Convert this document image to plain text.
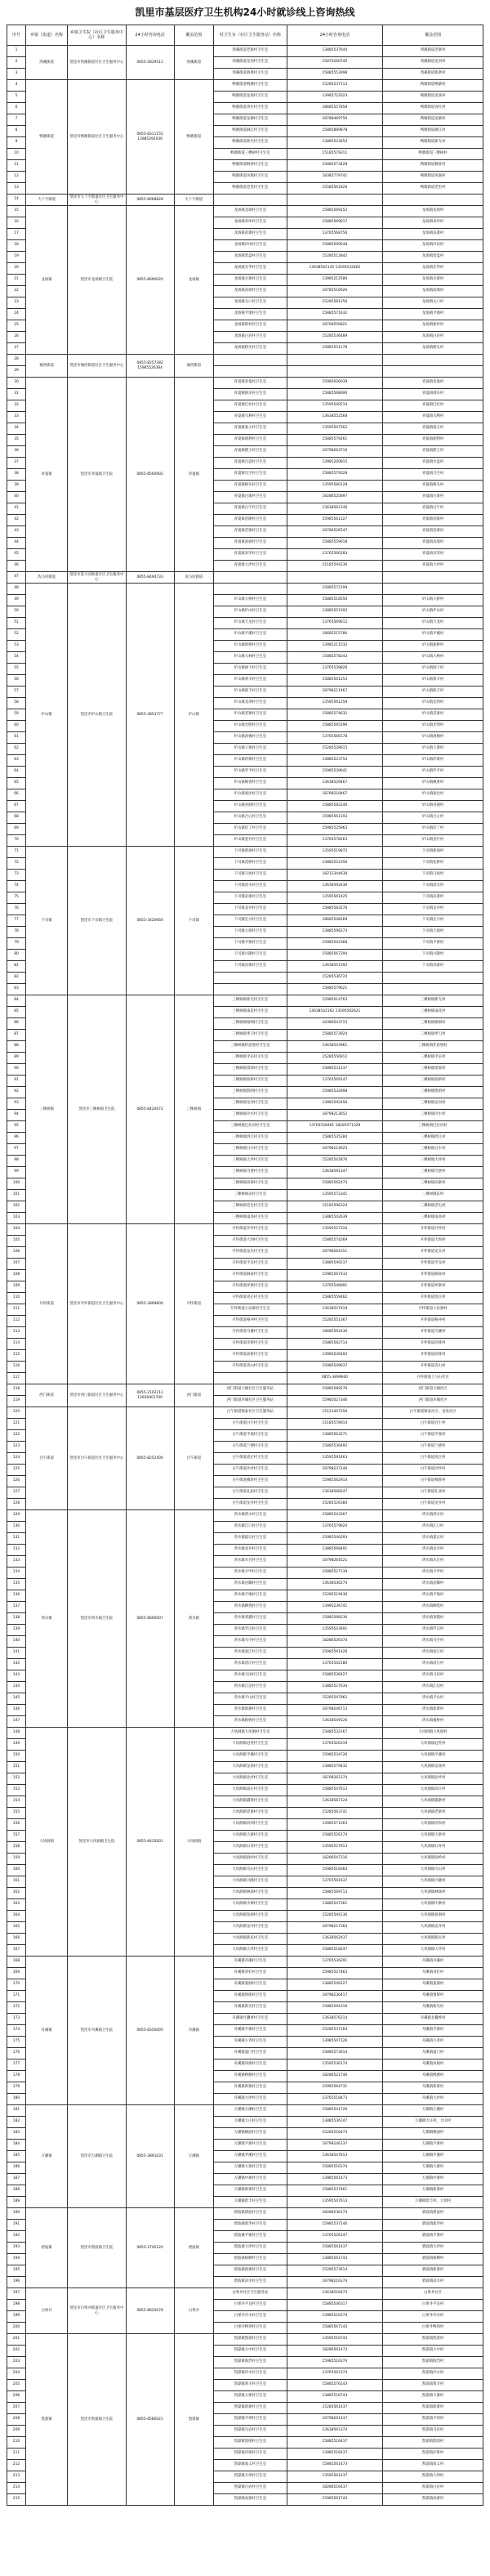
凯里市基层医疗卫生机构24小时就诊线上咨询热线
序号	乡镇（街道）名称	乡镇卫生院（社区卫生服务中心）名称	24小时咨询电话	覆盖范围	村卫生室（社区卫生服务站）名称	24小时咨询电话	覆盖范围
1	湾溪街道	凯里市湾溪街道社区卫生服务中心	0855-2839511	湾溪街道	湾溪街道老寨村卫生室	13885537644	湾溪街道老寨村
2					湾溪街道龙河村卫生室	15870260745	湾溪街道龙河村
3					湾溪街道新寨村卫生室	15885553098	湾溪街道新寨村
4	鸭塘街道	凯里市鸭塘街道社区卫生服务中心	0855-8311155 13985292936	鸭塘街道	鸭塘街道鸭塘村卫生室	15285537113	鸭塘街道鸭塘村
5					鸭塘街道龙场村卫生室	13985722023	鸭塘街道龙场村
6					鸭塘街道青杠村卫生室	18685557858	鸭塘街道青杠村
7					鸭塘街道龙塘村卫生室	18788469756	鸭塘街道龙塘村
8					鸭塘街道麻江村卫生室	15885889878	鸭塘街道麻江村
9					鸭塘街道新光村卫生室	13885523654	鸭塘街道新光村
10					鸭塘街道三棵树村卫生室	15185579311	鸭塘街道三棵树村
11					鸭塘街道枫香村卫生室	15885573428	鸭塘街道枫香村
12					鸭塘街道凤凰村卫生室	18385779741	鸭塘街道凤凰村
13					鸭塘街道老里村卫生室	15585561826	鸭塘街道老里村
14	大十字街道	凯里市大十字街道社区卫生服务中心	0855-8068828	大十字街道			
15	龙场镇	凯里市龙场镇卫生院	0855-8690020	龙场镇	龙场镇龙场村卫生室	15885569152	龙场镇龙场村
16					龙场镇青坪村卫生室	15885569617	龙场镇青坪村
17					龙场镇苗寨村卫生室	13765568756	龙场镇苗寨村
18					龙场镇沙田村卫生室	15885569548	龙场镇沙田村
19					龙场镇营盘村卫生室	15285512842	龙场镇营盘村
20					龙场镇光华村卫生室	13638562135 13595532862	龙场镇光华村
21					龙场镇水寨村卫生室	13985212586	龙场镇水寨村
22					龙场镇高坡村卫生室	18785516926	龙场镇高坡村
23					龙场镇关口村卫生室	15285581256	龙场镇关口村
24					龙场镇平地村卫生室	15885571632	龙场镇平地村
25					龙场镇新村村卫生室	18708556821	龙场镇新村村
26					龙场镇白岩村卫生室	15285536489	龙场镇白岩村
27					龙场镇桥头村卫生室	15885551178	龙场镇桥头村
28	城西街道	凯里市城西街道社区卫生服务中心	0855-8257382 15985526384	城西街道			
29							
30	青曼镇	凯里市青曼镇卫生院	0855-8560902	青曼镇	青曼镇青曼村卫生室	15985026039	青曼镇青曼村
31					青曼镇排乐村卫生室	15885568690	青曼镇排乐村
32					青曼镇巴拉村卫生室	13595540210	青曼镇巴拉村
33					青曼镇乌利村卫生室	13638552568	青曼镇乌利村
34					青曼镇翁义村卫生室	13595597562	青曼镇翁义村
35					青曼镇朗利村卫生室	15885579261	青曼镇朗利村
36					青曼镇摆王村卫生室	18798263716	青曼镇摆王村
37					青曼镇台盘村卫生室	13985200815	青曼镇台盘村
38					青曼镇乌空村卫生室	15885579328	青曼镇乌空村
39					青曼镇格头村卫生室	13595580128	青曼镇格头村
40					青曼镇白寨村卫生室	18286525697	青曼镇白寨村
41					青曼镇白午村卫生室	13638562146	青曼镇白午村
42					青曼镇苗陇村卫生室	15985561327	青曼镇苗陇村
43					青曼镇苗寨村卫生室	18786526547	青曼镇苗寨村
44					青曼镇高坡村卫生室	15885559618	青曼镇高坡村
45					青曼镇来荣村卫生室	13765566283	青曼镇来荣村
46					青曼镇大坪村卫生室	15185594236	青曼镇大坪村
47	洗马河街道	凯里市洗马河街道社区卫生服务中心	0855-8494733	洗马河街道			
48	炉山镇	凯里市炉山镇卫生院	0855-3853777	炉山镇		15885572199	
49					炉山镇大桥村卫生室	15885518556	炉山镇大桥村
50					炉山镇炉山村卫生室	13885551592	炉山镇炉山村
51					炉山镇天龙村卫生室	13765569612	炉山镇天龙村
52					炉山镇平溪村卫生室	18685515786	炉山镇平溪村
53					炉山镇新桥村卫生室	13985211532	炉山镇新桥村
54					炉山镇大林村卫生室	15885578243	炉山镇大林村
55					炉山镇洞下村卫生室	13765539826	炉山镇洞下村
56					炉山镇黄羊村卫生室	15885561253	炉山镇黄羊村
57					炉山镇联丰村卫生室	18798211467	炉山镇联丰村
58					炉山镇龙坝村卫生室	13595561259	炉山镇龙坝村
59					炉山镇老寨村卫生室	15885574632	炉山镇老寨村
60					炉山镇光明村卫生室	15885565296	炉山镇光明村
61					炉山镇洛棉村卫生室	13765566178	炉山镇洛棉村
62					炉山镇王寨村卫生室	15285528615	炉山镇王寨村
63					炉山镇坪寨村卫生室	13885523754	炉山镇坪寨村
64					炉山镇罗平村卫生室	15985539641	炉山镇罗平村
65					炉山镇枫香村卫生室	13638529467	炉山镇枫香村
66					炉山镇翁比村卫生室	18798218467	炉山镇翁比村
67					炉山镇谷洞村卫生室	15885582246	炉山镇谷洞村
68					炉山镇合心村卫生室	15985561193	炉山镇合心村
69					炉山镇挂丁村卫生室	15985525963	炉山镇挂丁村
70					炉山镇金竹村卫生室	13765578263	炉山镇金竹村
71	下司镇	凯里市下司镇卫生院	0855-3420060	下司镇	下司镇新场村卫生室	13595519872	下司镇新场村
72					下司镇花桥村卫生室	13885522356	下司镇花桥村
73					下司镇马场村卫生室	18212344638	下司镇马场村
74					下司镇清水村卫生室	13638592436	下司镇清水村
75					下司镇岩寨村卫生室	13595561425	下司镇岩寨村
76					下司镇龙井村卫生室	15885583276	下司镇龙井村
77					下司镇宏兴村卫生室	18685548269	下司镇宏兴村
78					下司镇大坡村卫生室	13885596273	下司镇大坡村
79					下司镇平寨村卫生室	15985542368	下司镇平寨村
80					下司镇兴隆村卫生室	15885567294	下司镇兴隆村
81					下司镇谷寨村卫生室	13638551592	下司镇谷寨村
82						15285536724	
83						15885579621	
84	三棵树镇	凯里市三棵树镇卫生院	0855-8420072	三棵树镇	三棵树镇新光村卫生室	15985014763	三棵树镇新光村
85					三棵树镇南花村卫生室	13638542162 13595582621	三棵树镇南花村
86					三棵树镇格细村卫生室	18386543715	三棵树镇格细村
87					三棵树镇季刀村卫生室	15885573924	三棵树镇季刀村
88					三棵树镇怀恩堡村卫生室	13638543961	三棵树镇怀恩堡村
89					三棵树镇平乐村卫生室	15285556912	三棵树镇平乐村
90					三棵树镇赏郎村卫生室	15885531237	三棵树镇赏郎村
91					三棵树镇翁拱村卫生室	13765569147	三棵树镇翁拱村
92					三棵树镇凯哨村卫生室	15985532698	三棵树镇凯哨村
93					三棵树镇龙河村卫生室	13885592456	三棵树镇龙河村
94					三棵树镇冷水村卫生室	18798213652	三棵树镇冷水村
95					三棵树镇巴拉河村卫生室	13765528461 18285571329	三棵树镇巴拉河村
96					三棵树镇西江村卫生室	15885535284	三棵树镇西江村
97					三棵树镇白水村卫生室	18798214625	三棵树镇白水村
98					三棵树镇大坪村卫生室	15285542876	三棵树镇大坪村
99					三棵树镇乌堡村卫生室	13638591347	三棵树镇乌堡村
100					三棵树镇高寨村卫生室	15885562473	三棵树镇高寨村
101					三棵树镇乐村卫生室	13595572341	三棵树镇乐村
102					三棵树镇老屯村卫生室	15185596324	三棵树镇老屯村
103					三棵树镇南高村卫生室	13885542639	三棵树镇南高村
104	开怀街道	凯里市开怀街道社区卫生服务中心	0855-3899600	开怀街道	开怀街道开怀村卫生室	13595527316	开怀街道开怀村
105					开怀街道大坝村卫生室	15885574269	开怀街道大坝村
106					开怀街道龙头村卫生室	18798264351	开怀街道龙头村
107					开怀街道平良村卫生室	13885546237	开怀街道平良村
108					开怀街道麻雀村卫生室	15985567432	开怀街道麻雀村
109					开怀街道坪寨村卫生室	13765546891	开怀街道坪寨村
110					开怀街道虎庄村卫生室	15885559462	开怀街道虎庄村
111					开怀街道小岩寨村卫生室	13638527419	开怀街道小岩寨村
112					开怀街道格冲村卫生室	15285551367	开怀街道格冲村
113					开怀街道乌溪村卫生室	18685592436	开怀街道乌溪村
114					开怀街道洋排村卫生室	15885582714	开怀街道洋排村
115					开怀街道高排村卫生室	13985036492	开怀街道高排村
116					开怀街道青山村卫生室	15985549637	开怀街道青山村
117						0855-3899600	开怀街道上马石社区
118	西门街道	凯里市西门街道社区卫生服务中心	0855-2102212 13639401700	西门街道	西门街道大阁社区卫生服务站	15885589276	西门街道大阁社区
119					西门街道环城社区卫生服务站	15985027346	西门街道环城社区
120	白午街道	凯里市白午街道社区卫生服务中心	0855-8252400	白午街道	白午街道鼎泰社区卫生服务站	15121447256	白午街道鼎泰社区、金泉社区
121					白午街道白午村卫生室	15185578914	白午街道白午村
122					白午街道平坡村卫生室	13885563271	白午街道平坡村
123					白午街道兰德村卫生室	15885536492	白午街道兰德村
124					白午街道虎庄村卫生室	13595591463	白午街道虎庄村
125					白午街道沙坪村卫生室	18798237146	白午街道沙坪村
126					白午街道棉席村卫生室	15985562914	白午街道棉席村
127					白午街道孔庙村卫生室	13638568247	白午街道孔庙村
128					白午街道龙井村卫生室	15285526384	白午街道龙井村
129	湾水镇	凯里市湾水镇卫生院	0855-8690007	湾水镇	湾水镇湾水村卫生室	15885543267	湾水镇湾水村
130					湾水镇江口村卫生室	13765579824	湾水镇江口村
131					湾水镇提议村卫生室	15985546293	湾水镇提议村
132					湾水镇龙井村卫生室	13885568491	湾水镇龙井村
133					湾水镇木召村卫生室	18798264521	湾水镇木召村
134					湾水镇羊甲村卫生室	15885527139	湾水镇羊甲村
135					湾水镇岩脚村卫生室	13638536274	湾水镇岩脚村
136					湾水镇平地村卫生室	15285519436	湾水镇平地村
137					湾水镇柳烧村卫生室	13985236741	湾水镇柳烧村
138					湾水镇黄猫村卫生室	15885598236	湾水镇黄猫村
139					湾水镇罗汉村卫生室	13595543691	湾水镇罗汉村
140					湾水镇乌空村卫生室	18286526374	湾水镇乌空村
141					湾水镇翁江村卫生室	15985591426	湾水镇翁江村
142					湾水镇清江村卫生室	13765542186	湾水镇清江村
143					湾水镇马田村卫生室	15885536427	湾水镇马田村
144					湾水镇江边村卫生室	13885527634	湾水镇江边村
145					湾水镇平山村卫生室	15285547962	湾水镇平山村
146					湾水镇新寨村卫生室	18798246713	湾水镇新寨村
147					湾水镇板桥村卫生室	13638549126	湾水镇板桥村
148	大风洞镇	凯里市大风洞镇卫生院	0855-8435001	大风洞镇	大风洞镇大风洞村卫生室	15885532167	大风洞镇大风洞村
149					大风洞镇冠英村卫生室	13765526319	大风洞镇冠英村
150					大风洞镇平溪村卫生室	15985534726	大风洞镇平溪村
151					大风洞镇龙场村卫生室	13885579432	大风洞镇龙场村
152					大风洞镇北坪村卫生室	18798261374	大风洞镇北坪村
153					大风洞镇高庄村卫生室	15885547613	大风洞镇高庄村
154					大风洞镇猫寨村卫生室	13638587124	大风洞镇猫寨村
155					大风洞镇老寨村卫生室	15285563741	大风洞镇老寨村
156					大风洞镇河坝村卫生室	13985571263	大风洞镇河坝村
157					大风洞镇大寨村卫生室	15885526174	大风洞镇大寨村
158					大风洞镇石青村卫生室	13595527613	大风洞镇石青村
159					大风洞镇翁岭村卫生室	18286547216	大风洞镇翁岭村
160					大风洞镇乌石村卫生室	15985518364	大风洞镇乌石村
161					大风洞镇兴隆村卫生室	13765591637	大风洞镇兴隆村
162					大风洞镇林场村卫生室	15885569713	大风洞镇林场村
163					大风洞镇中寨村卫生室	13885547361	大风洞镇中寨村
164					大风洞镇鱼洞村卫生室	15285594136	大风洞镇鱼洞村
165					大风洞镇龙井村卫生室	18798217364	大风洞镇龙井村
166					大风洞镇新民村卫生室	13638562437	大风洞镇新民村
167					大风洞镇大坪村卫生室	15885518247	大风洞镇大坪村
168	舟溪镇	凯里市舟溪镇卫生院	0855-8350005	舟溪镇	舟溪镇舟溪村卫生室	13765536291	舟溪镇舟溪村
169					舟溪镇青杠村卫生室	15985527463	舟溪镇青杠村
170					舟溪镇曼洞村卫生室	13885546127	舟溪镇曼洞村
171					舟溪镇情郎村卫生室	18798236417	舟溪镇情郎村
172					舟溪镇新光村卫生室	15885594316	舟溪镇新光村
173					舟溪镇甘囊香村卫生室	13638576214	舟溪镇甘囊香村
174					舟溪镇平寨村卫生室	15285537164	舟溪镇平寨村
175					舟溪镇小青村卫生室	13985547126	舟溪镇小青村
176					舟溪镇曼门村卫生室	15885573614	舟溪镇曼门村
177					舟溪镇凤凰村卫生室	13595536174	舟溪镇凤凰村
178					舟溪镇鸭塘村卫生室	18286521746	舟溪镇鸭塘村
179					舟溪镇新寨村卫生室	15985564731	舟溪镇新寨村
180					舟溪镇大坪村卫生室	13765518473	舟溪镇大坪村
181	万潮镇	凯里市万潮镇卫生院	0855-3891031	万潮镇	万潮镇万潮村卫生室	15885541726	万潮镇万潮村
182					万潮镇大庄村卫生室	13885536147	万潮镇大庄村、大山村
183					万潮镇桐油村卫生室	15285516473	万潮镇桐油村
184					万潮镇平寨村卫生室	18798246137	万潮镇平寨村
185					万潮镇罗溪村卫生室	13638547613	万潮镇罗溪村
186					万潮镇大寨村卫生室	15885516374	万潮镇大寨村
187					万潮镇中寨村卫生室	13985561473	万潮镇中寨村
188					万潮镇新寨村卫生室	15885537461	万潮镇新寨村
189					万潮镇偿丰村卫生室	13595547613	万潮镇偿丰村、大坝村
190	碧波镇	凯里市碧波镇卫生院	0855-2740120	碧波镇	碧波镇碧波村卫生室	18286536174	碧波镇碧波村
191					碧波镇新华村卫生室	15985537146	碧波镇新华村
192					碧波镇平寨村卫生室	13765526147	碧波镇平寨村
193					碧波镇大坪村卫生室	15885561437	碧波镇大坪村
194					碧波镇杨柳村卫生室	13885561743	碧波镇杨柳村
195					碧波镇新寨村卫生室	15285573614	碧波镇新寨村
196					碧波镇凉水村卫生室	18798216374	碧波镇凉水村
197	白果井	凯里市白果井街道社区卫生服务中心	0855-8620078	白果井	白果井社区卫生服务站	13638516473	白果井社区
198					白果井平良村卫生室	15885546317	白果井平良村
199					白果井冷水村卫生室	13985516374	白果井冷水村
200					白果井鸭坝村卫生室	15885567143	白果井鸭坝村
201	凯棠镇	凯里市凯棠镇卫生院	0855-8580021	凯棠镇	凯棠镇凯棠村卫生室	13595516743	凯棠镇凯棠村
202					凯棠镇大中村卫生室	18286561473	凯棠镇大中村
203					凯棠镇海烈村卫生室	15985516374	凯棠镇海烈村
204					凯棠镇冷水村卫生室	13765561374	凯棠镇冷水村
205					凯棠镇黄羊村卫生室	15885576143	凯棠镇黄羊村
206					凯棠镇大寨村卫生室	13885516743	凯棠镇大寨村
207					凯棠镇新寨村卫生室	15285561437	凯棠镇新寨村
208					凯棠镇平坝村卫生室	18798261437	凯棠镇平坝村
209					凯棠镇乌岩村卫生室	13638561374	凯棠镇乌岩村
210					凯棠镇凯哨村卫生室	15885516437	凯棠镇凯哨村
211					凯棠镇洋排村卫生室	13985516437	凯棠镇洋排村
212					凯棠镇翁义村卫生室	15885561473	凯棠镇翁义村
213					凯棠镇大坝村卫生室	13595561437	凯棠镇大坝村
214					凯棠镇白岩村卫生室	18286516437	凯棠镇白岩村
215					凯棠镇高寨村卫生室	15985561743	凯棠镇高寨村
